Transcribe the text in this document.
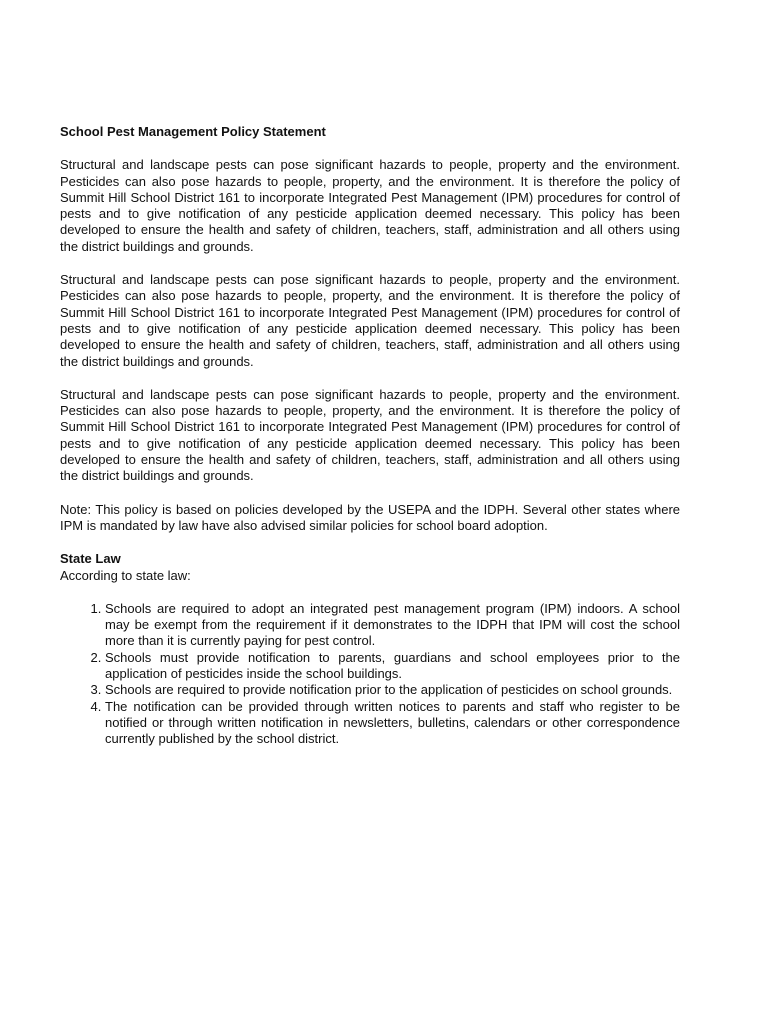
School Pest Management Policy Statement

Structural and landscape pests can pose significant hazards to people, property and the environment. Pesticides can also pose hazards to people, property, and the environment. It is therefore the policy of Summit Hill School District 161 to incorporate Integrated Pest Management (IPM) procedures for control of pests and to give notification of any pesticide application deemed necessary. This policy has been developed to ensure the health and safety of children, teachers, staff, administration and all others using the district buildings and grounds.

Structural and landscape pests can pose significant hazards to people, property and the environment. Pesticides can also pose hazards to people, property, and the environment. It is therefore the policy of Summit Hill School District 161 to incorporate Integrated Pest Management (IPM) procedures for control of pests and to give notification of any pesticide application deemed necessary. This policy has been developed to ensure the health and safety of children, teachers, staff, administration and all others using the district buildings and grounds.

Structural and landscape pests can pose significant hazards to people, property and the environment. Pesticides can also pose hazards to people, property, and the environment. It is therefore the policy of Summit Hill School District 161 to incorporate Integrated Pest Management (IPM) procedures for control of pests and to give notification of any pesticide application deemed necessary. This policy has been developed to ensure the health and safety of children, teachers, staff, administration and all others using the district buildings and grounds.

Note: This policy is based on policies developed by the USEPA and the IDPH. Several other states where IPM is mandated by law have also advised similar policies for school board adoption.

State Law

According to state law:

1. Schools are required to adopt an integrated pest management program (IPM) indoors. A school may be exempt from the requirement if it demonstrates to the IDPH that IPM will cost the school more than it is currently paying for pest control.
2. Schools must provide notification to parents, guardians and school employees prior to the application of pesticides inside the school buildings.
3. Schools are required to provide notification prior to the application of pesticides on school grounds.
4. The notification can be provided through written notices to parents and staff who register to be notified or through written notification in newsletters, bulletins, calendars or other correspondence currently published by the school district.
